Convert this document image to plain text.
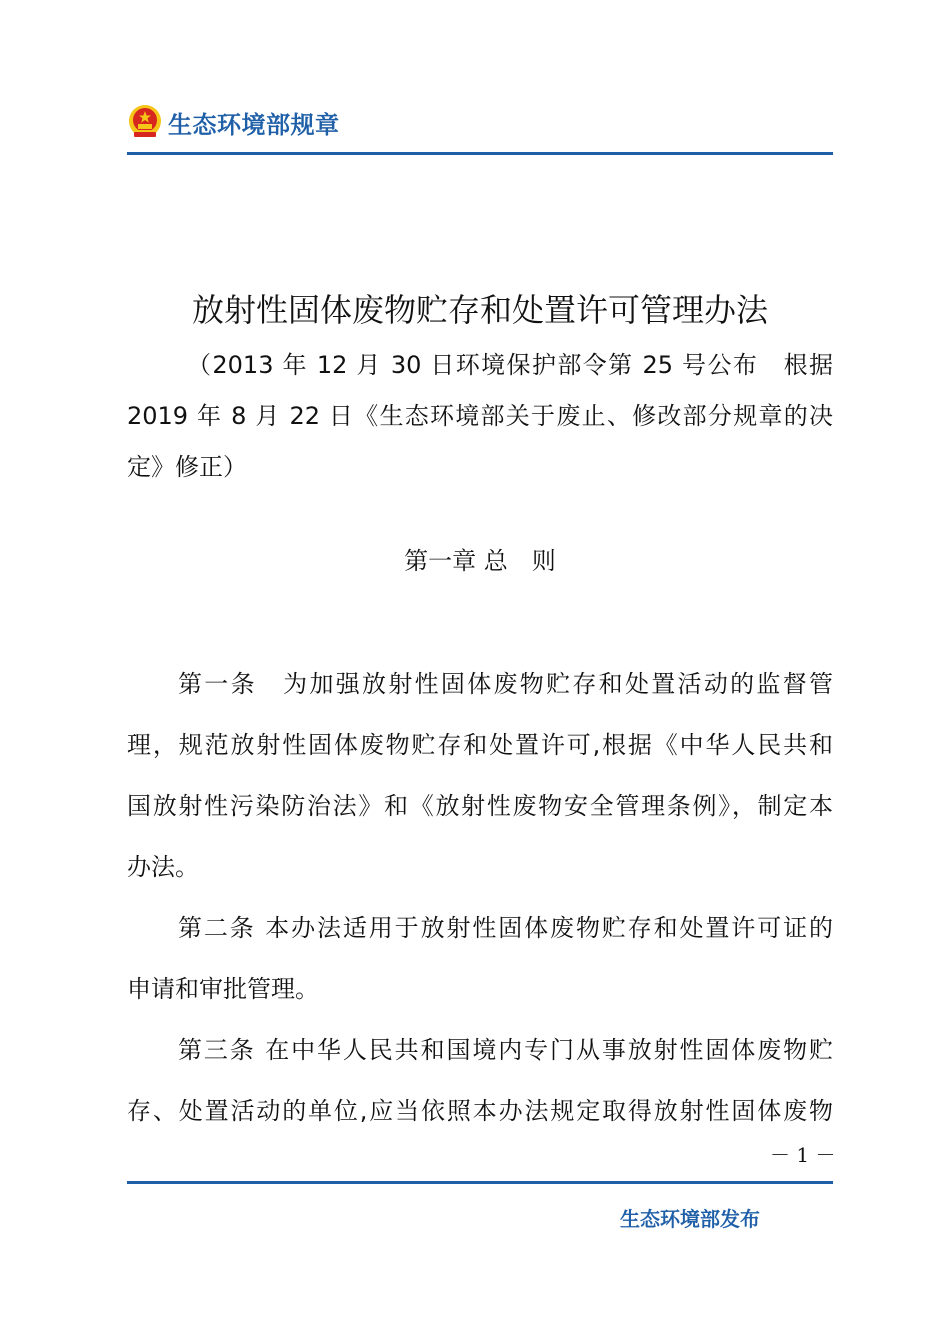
生态环境部规章
放射性固体废物贮存和处置许可管理办法
（2013 年 12 月 30 日环境保护部令第 25 号公布　根据
2019 年 8 月 22 日《生态环境部关于废止、修改部分规章的决
定》修正）
第一章 总　则
第一条　为加强放射性固体废物贮存和处置活动的监督管
理，规范放射性固体废物贮存和处置许可,根据《中华人民共和
国放射性污染防治法》和《放射性废物安全管理条例》，制定本
办法。
第二条 本办法适用于放射性固体废物贮存和处置许可证的
申请和审批管理。
第三条 在中华人民共和国境内专门从事放射性固体废物贮
存、处置活动的单位,应当依照本办法规定取得放射性固体废物
－ 1 －
生态环境部发布
